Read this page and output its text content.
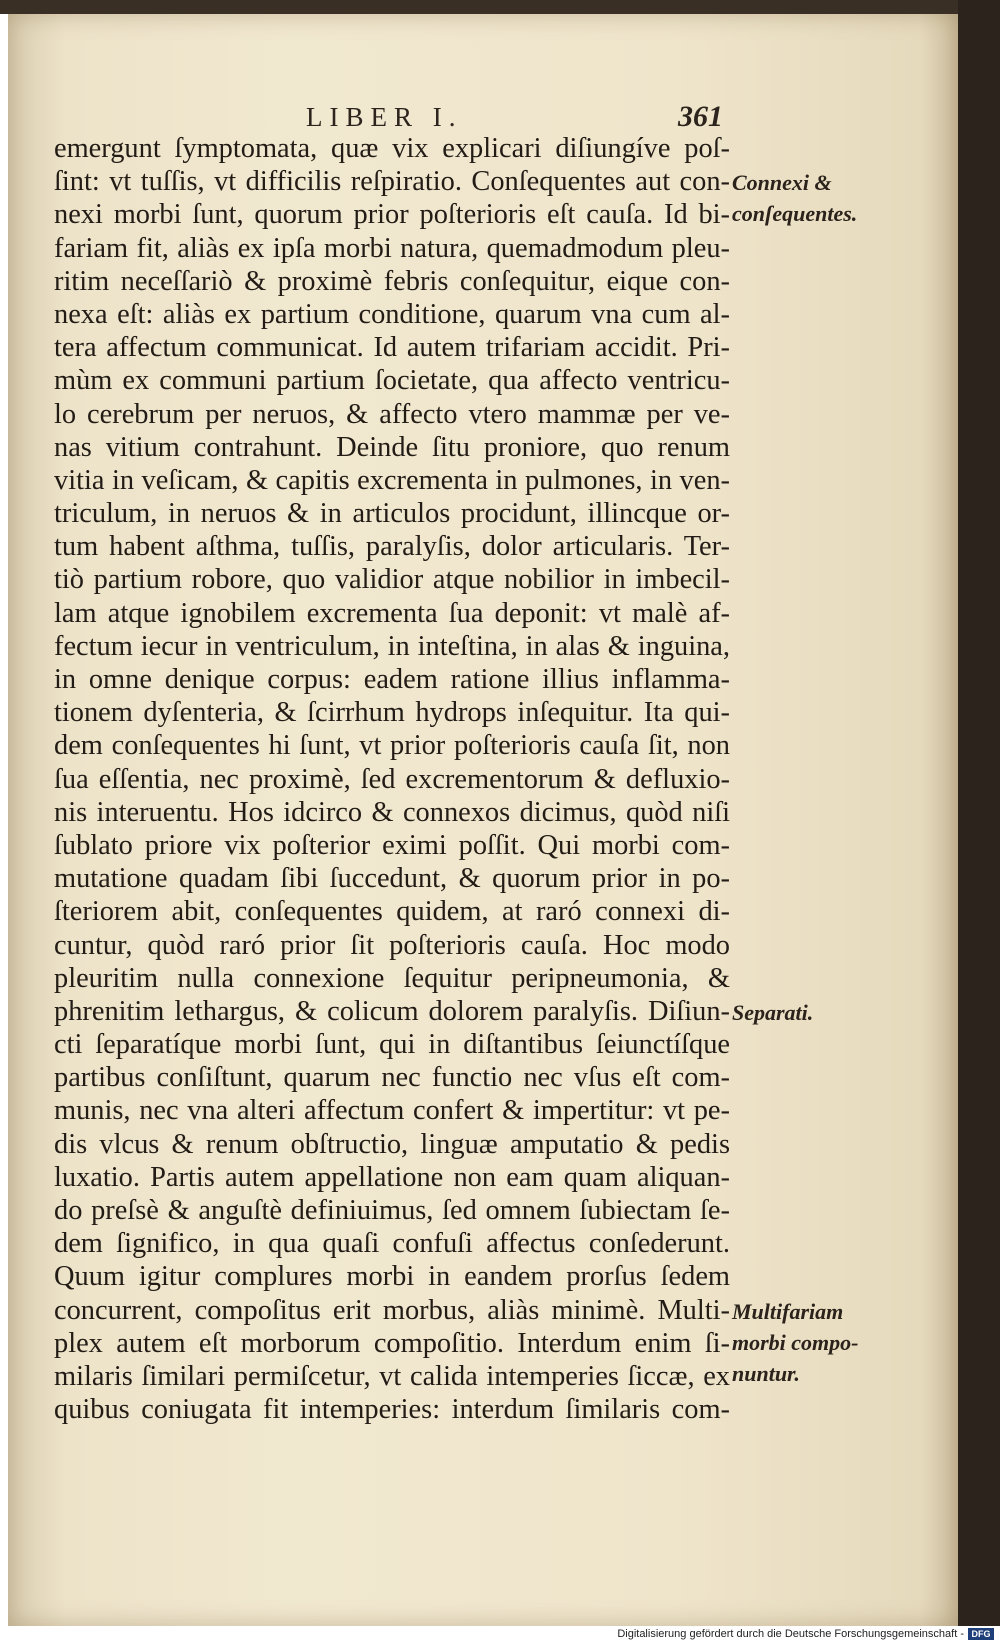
LIBER I.	361
emergunt ſymptomata, quæ vix explicari diſiungíve poſ-
ſint: vt tuſſis, vt difficilis reſpiratio. Conſequentes aut con-
nexi morbi ſunt, quorum prior poſterioris eſt cauſa. Id bi-
fariam fit, aliàs ex ipſa morbi natura, quemadmodum pleu-
ritim neceſſariò & proximè febris conſequitur, eique con-
nexa eſt: aliàs ex partium conditione, quarum vna cum al-
tera affectum communicat. Id autem trifariam accidit. Pri-
mùm ex communi partium ſocietate, qua affecto ventricu-
lo cerebrum per neruos, & affecto vtero mammæ per ve-
nas vitium contrahunt. Deinde ſitu proniore, quo renum
vitia in veſicam, & capitis excrementa in pulmones, in ven-
triculum, in neruos & in articulos procidunt, illincque or-
tum habent aſthma, tuſſis, paralyſis, dolor articularis. Ter-
tiò partium robore, quo validior atque nobilior in imbecil-
lam atque ignobilem excrementa ſua deponit: vt malè af-
fectum iecur in ventriculum, in inteſtina, in alas & inguina,
in omne denique corpus: eadem ratione illius inflamma-
tionem dyſenteria, & ſcirrhum hydrops inſequitur. Ita qui-
dem conſequentes hi ſunt, vt prior poſterioris cauſa ſit, non
ſua eſſentia, nec proximè, ſed excrementorum & defluxio-
nis interuentu. Hos idcirco & connexos dicimus, quòd niſi
ſublato priore vix poſterior eximi poſſit. Qui morbi com-
mutatione quadam ſibi ſuccedunt, & quorum prior in po-
ſteriorem abit, conſequentes quidem, at raró connexi di-
cuntur, quòd raró prior ſit poſterioris cauſa. Hoc modo
pleuritim nulla connexione ſequitur peripneumonia, &
phrenitim lethargus, & colicum dolorem paralyſis. Diſiun-
cti ſeparatíque morbi ſunt, qui in diſtantibus ſeiunctíſque
partibus conſiſtunt, quarum nec functio nec vſus eſt com-
munis, nec vna alteri affectum confert & impertitur: vt pe-
dis vlcus & renum obſtructio, linguæ amputatio & pedis
luxatio. Partis autem appellatione non eam quam aliquan-
do preſsè & anguſtè definiuimus, ſed omnem ſubiectam ſe-
dem ſignifico, in qua quaſi confuſi affectus conſederunt.
Quum igitur complures morbi in eandem prorſus ſedem
concurrent, compoſitus erit morbus, aliàs minimè. Multi-
plex autem eſt morborum compoſitio. Interdum enim ſi-
milaris ſimilari permiſcetur, vt calida intemperies ſiccæ, ex
quibus coniugata fit intemperies: interdum ſimilaris com-
Connexi &
conſequentes.
Separati.
Multifariam
morbi compo-
nuntur.
Digitalisierung gefördert durch die Deutsche Forschungsgemeinschaft - DFG
